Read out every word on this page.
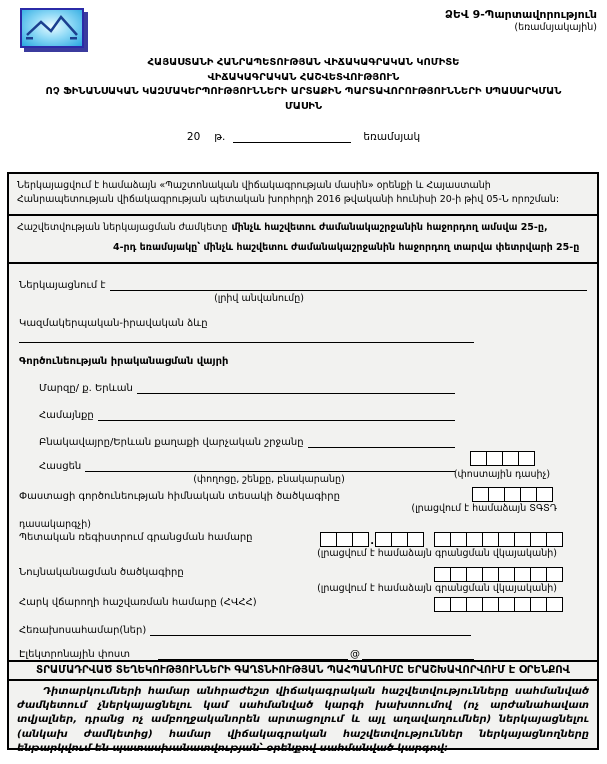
ՁԵՎ 9-Պարտավորություն
(եռամսյակային)
ՀԱՅԱՍՏԱՆԻ ՀԱՆՐԱՊԵՏՈՒԹՅԱՆ ՎԻՃԱԿԱԳՐԱԿԱՆ ԿՈՄԻՏԵ
ՎԻՃԱԿԱԳՐԱԿԱՆ ՀԱՇՎԵՏՎՈՒԹՅՈՒՆ
ՈՉ ՖԻՆԱՆՍԱԿԱՆ ԿԱԶՄԱԿԵՐՊՈՒԹՅՈՒՆՆԵՐԻ ԱՐՏԱՔԻՆ ՊԱՐՏԱՎՈՐՈՒԹՅՈՒՆՆԵՐԻ ՍՊԱՍԱՐԿՄԱՆ
ՄԱՍԻՆ
20 թ.	եռամսյակ
Ներկայացվում է համաձայն «Պաշտոնական վիճակագրության մասին» օրենքի և Հայաստանի Հանրապետության վիճակագրության պետական խորհրդի 2016 թվականի հունիսի 20-ի թիվ 05-Ն որոշման:
Հաշվետվության ներկայացման ժամկետը մինչև հաշվետու ժամանակաշրջանին հաջորդող ամսվա 25-ը,
4-րդ եռամսյակը՝ մինչև հաշվետու ժամանակաշրջանին հաջորդող տարվա փետրվարի 25-ը
Ներկայացնում է
(լրիվ անվանումը)
Կազմակերպական-իրավական ձևը
Գործունեության իրականացման վայրի
Մարզը/ ք. Երևան
Համայնքը
Բնակավայրը/Երևան քաղաքի վարչական շրջանը
Հասցեն
(փողոցը, շենքը, բնակարանը)	(փոստային դասիչ)
Փաստացի գործունեության հիմնական տեսակի ծածկագիրը
(լրացվում է համաձայն ՏԳՏԴ
դասակարգչի)
Պետական ռեգիստրում գրանցման համարը	.
(լրացվում է համաձայն գրանցման վկայականի)
Նույնականացման ծածկագիրը
(լրացվում է համաձայն գրանցման վկայականի)
Հարկ վճարողի հաշվառման համարը (ՀՎՀՀ)
Հեռախոսահամար(ներ)
Էլեկտրոնային փոստ	@
ՏՐԱՄԱԴՐՎԱԾ ՏԵՂԵԿՈՒԹՅՈՒՆՆԵՐԻ ԳԱՂՏՆԻՈՒԹՅԱՆ ՊԱՀՊԱՆՈՒՄԸ ԵՐԱՇԽԱՎՈՐՎՈՒՄ Է ՕՐԵՆՔՈՎ
Դիտարկումների համար անհրաժեշտ վիճակագրական հաշվետվությունները սահմանված ժամկետում չներկայացնելու կամ սահմանված կարգի խախտումով (ոչ արժանահավատ տվյալներ, դրանց ոչ ամբողջականորեն արտացոլում և այլ աղավաղումներ) ներկայացնելու (անկախ ժամկետից) համար վիճակագրական հաշվետվություններ ներկայացնողները ենթարկվում են պատասխանատվության՝ օրենքով սահմանված կարգով:
